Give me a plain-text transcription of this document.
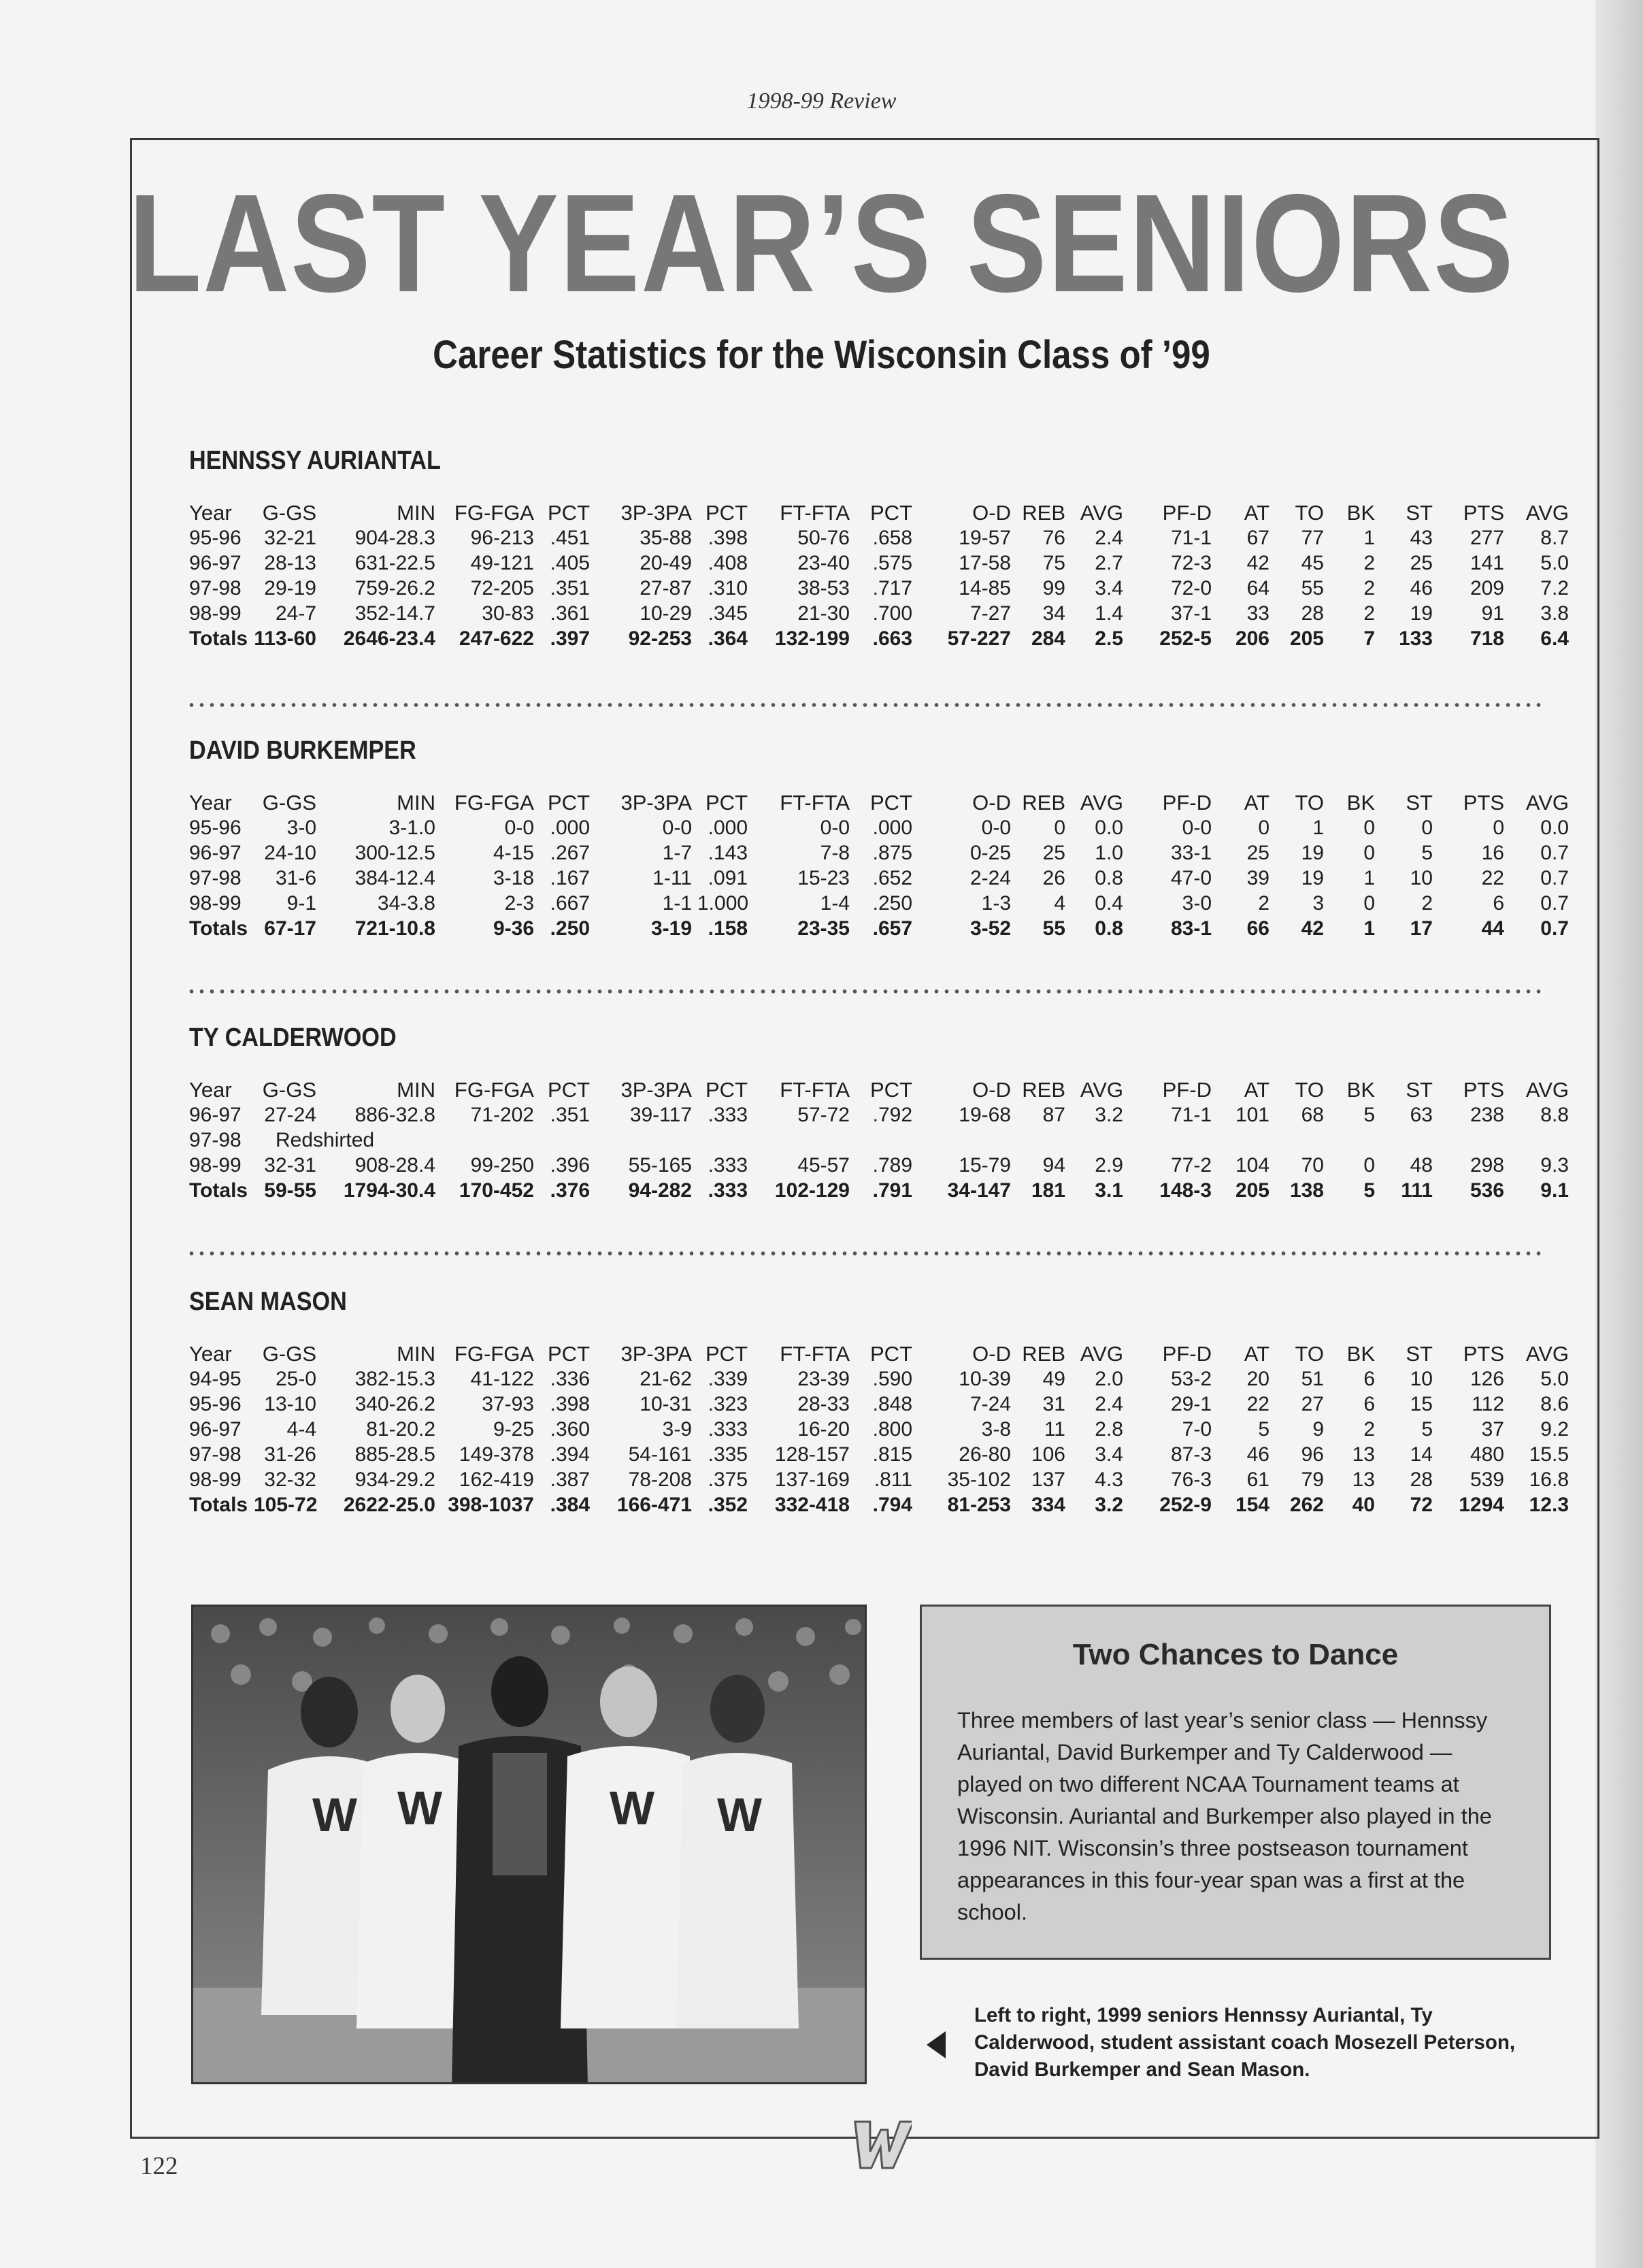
1998-99 Review
LAST YEAR’S SENIORS
Career Statistics for the Wisconsin Class of ’99
HENNSSY AURIANTAL
Year	G-GS	MIN	FG-FGA	PCT	3P-3PA	PCT	FT-FTA	PCT	O-D	REB	AVG	PF-D	AT	TO	BK	ST	PTS	AVG
95-96	32-21	904-28.3	96-213	.451	35-88	.398	50-76	.658	19-57	76	2.4	71-1	67	77	1	43	277	8.7
96-97	28-13	631-22.5	49-121	.405	20-49	.408	23-40	.575	17-58	75	2.7	72-3	42	45	2	25	141	5.0
97-98	29-19	759-26.2	72-205	.351	27-87	.310	38-53	.717	14-85	99	3.4	72-0	64	55	2	46	209	7.2
98-99	24-7	352-14.7	30-83	.361	10-29	.345	21-30	.700	7-27	34	1.4	37-1	33	28	2	19	91	3.8
Totals	113-60	2646-23.4	247-622	.397	92-253	.364	132-199	.663	57-227	284	2.5	252-5	206	205	7	133	718	6.4
DAVID BURKEMPER
Year	G-GS	MIN	FG-FGA	PCT	3P-3PA	PCT	FT-FTA	PCT	O-D	REB	AVG	PF-D	AT	TO	BK	ST	PTS	AVG
95-96	3-0	3-1.0	0-0	.000	0-0	.000	0-0	.000	0-0	0	0.0	0-0	0	1	0	0	0	0.0
96-97	24-10	300-12.5	4-15	.267	1-7	.143	7-8	.875	0-25	25	1.0	33-1	25	19	0	5	16	0.7
97-98	31-6	384-12.4	3-18	.167	1-11	.091	15-23	.652	2-24	26	0.8	47-0	39	19	1	10	22	0.7
98-99	9-1	34-3.8	2-3	.667	1-1	1.000	1-4	.250	1-3	4	0.4	3-0	2	3	0	2	6	0.7
Totals	67-17	721-10.8	9-36	.250	3-19	.158	23-35	.657	3-52	55	0.8	83-1	66	42	1	17	44	0.7
TY CALDERWOOD
Year	G-GS	MIN	FG-FGA	PCT	3P-3PA	PCT	FT-FTA	PCT	O-D	REB	AVG	PF-D	AT	TO	BK	ST	PTS	AVG
96-97	27-24	886-32.8	71-202	.351	39-117	.333	57-72	.792	19-68	87	3.2	71-1	101	68	5	63	238	8.8
97-98	Redshirted																	
98-99	32-31	908-28.4	99-250	.396	55-165	.333	45-57	.789	15-79	94	2.9	77-2	104	70	0	48	298	9.3
Totals	59-55	1794-30.4	170-452	.376	94-282	.333	102-129	.791	34-147	181	3.1	148-3	205	138	5	111	536	9.1
SEAN MASON
Year	G-GS	MIN	FG-FGA	PCT	3P-3PA	PCT	FT-FTA	PCT	O-D	REB	AVG	PF-D	AT	TO	BK	ST	PTS	AVG
94-95	25-0	382-15.3	41-122	.336	21-62	.339	23-39	.590	10-39	49	2.0	53-2	20	51	6	10	126	5.0
95-96	13-10	340-26.2	37-93	.398	10-31	.323	28-33	.848	7-24	31	2.4	29-1	22	27	6	15	112	8.6
96-97	4-4	81-20.2	9-25	.360	3-9	.333	16-20	.800	3-8	11	2.8	7-0	5	9	2	5	37	9.2
97-98	31-26	885-28.5	149-378	.394	54-161	.335	128-157	.815	26-80	106	3.4	87-3	46	96	13	14	480	15.5
98-99	32-32	934-29.2	162-419	.387	78-208	.375	137-169	.811	35-102	137	4.3	76-3	61	79	13	28	539	16.8
Totals	105-72	2622-25.0	398-1037	.384	166-471	.352	332-418	.794	81-253	334	3.2	252-9	154	262	40	72	1294	12.3
W W	W W
Two Chances to Dance
Three members of last year’s senior class — Hennssy Auriantal, David Burkemper and Ty Calderwood — played on two different NCAA Tournament teams at Wisconsin. Auriantal and Burkemper also played in the 1996 NIT. Wisconsin’s three postseason tournament appearances in this four-year span was a first at the school.
Left to right, 1999 seniors Hennssy Auriantal, Ty Calderwood, student assistant coach Mosezell Peterson, David Burkemper and Sean Mason.
122
